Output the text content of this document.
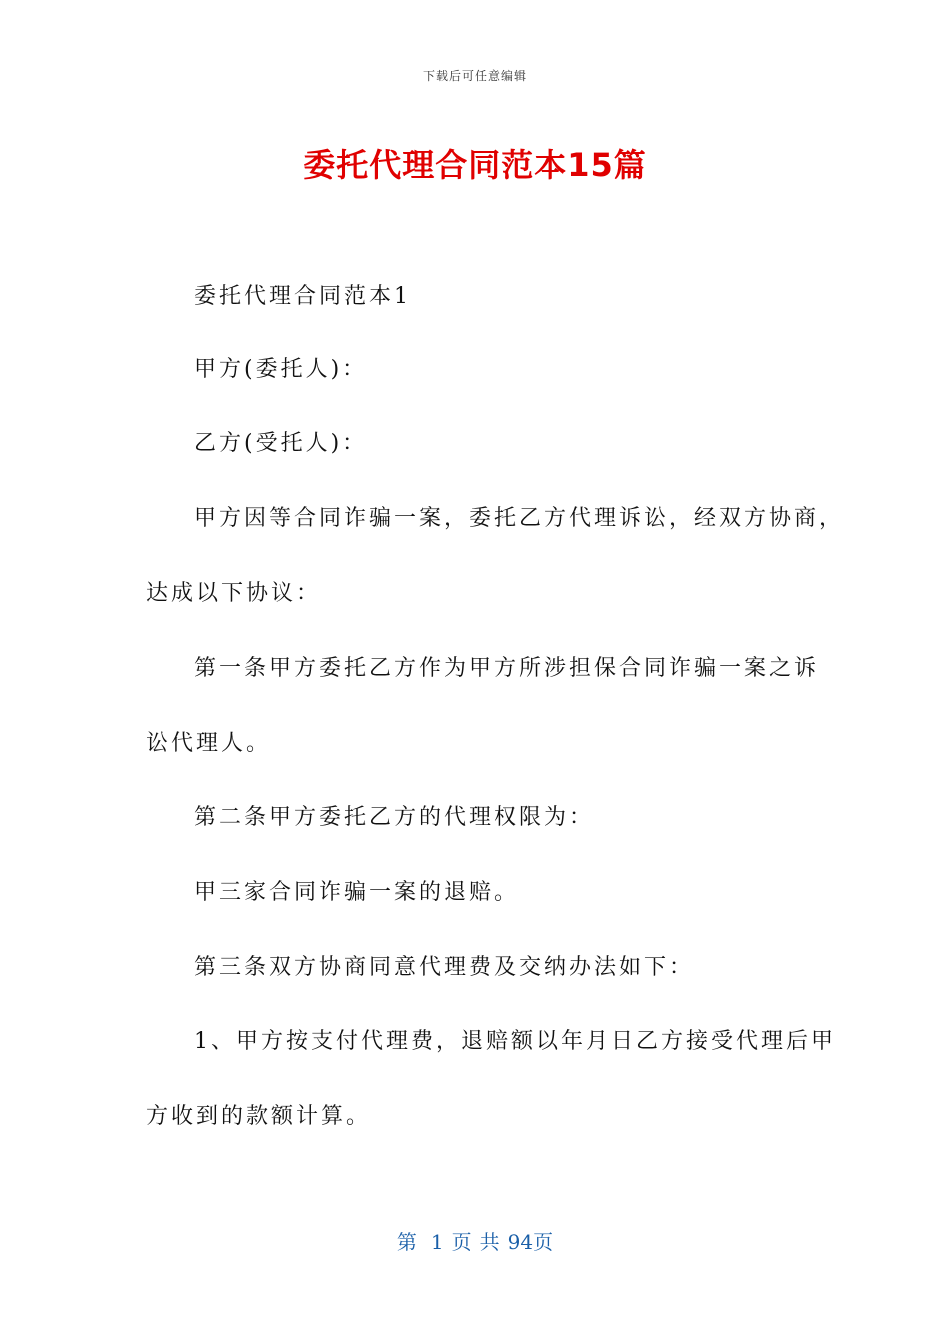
下载后可任意编辑
委托代理合同范本15篇
委托代理合同范本1
甲方(委托人)：
乙方(受托人)：
甲方因等合同诈骗一案，委托乙方代理诉讼，经双方协商，
达成以下协议：
第一条甲方委托乙方作为甲方所涉担保合同诈骗一案之诉
讼代理人。
第二条甲方委托乙方的代理权限为：
甲三家合同诈骗一案的退赔。
第三条双方协商同意代理费及交纳办法如下：
1、甲方按支付代理费，退赔额以年月日乙方接受代理后甲
方收到的款额计算。
第 1 页 共 94页
